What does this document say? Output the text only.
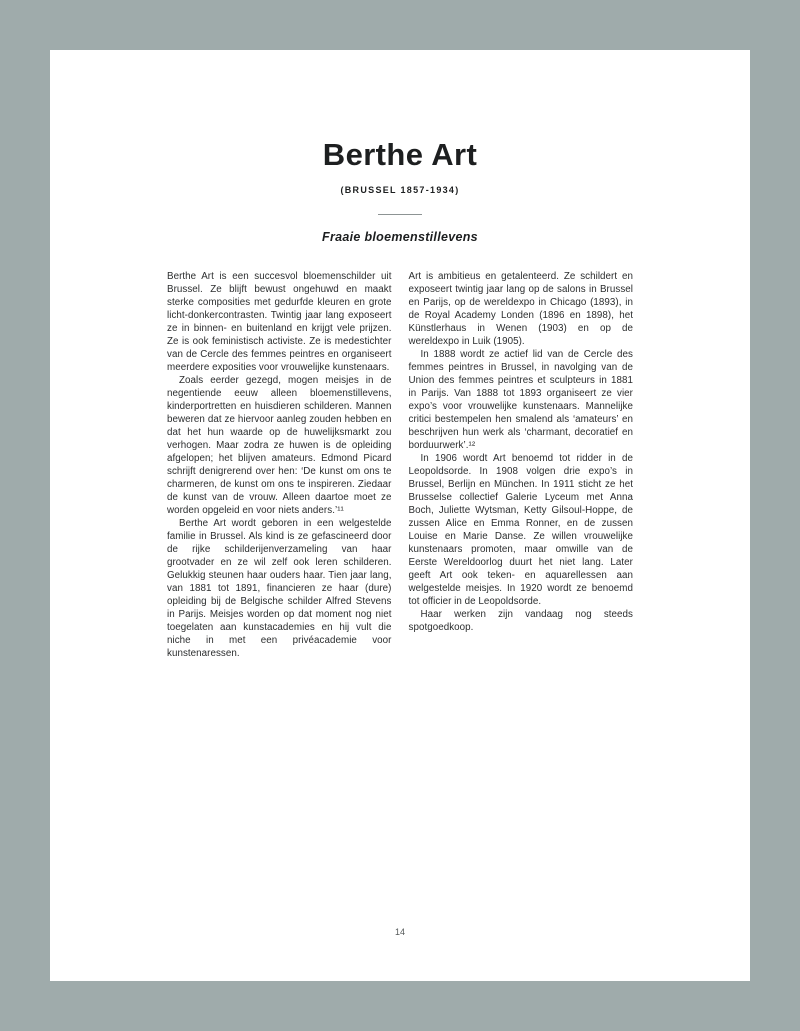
Berthe Art
(BRUSSEL 1857-1934)
Fraaie bloemenstillevens

Berthe Art is een succesvol bloemenschilder uit Brussel. Ze blijft bewust ongehuwd en maakt sterke composities met gedurfde kleuren en grote licht-donkercontrasten. Twintig jaar lang exposeert ze in binnen- en buitenland en krijgt vele prijzen. Ze is ook feministisch activiste. Ze is medestichter van de Cercle des femmes peintres en organiseert meerdere exposities voor vrouwelijke kunstenaars.

Zoals eerder gezegd, mogen meisjes in de negentiende eeuw alleen bloemenstillevens, kinderportretten en huisdieren schilderen. Mannen beweren dat ze hiervoor aanleg zouden hebben en dat het hun waarde op de huwelijksmarkt zou verhogen. Maar zodra ze huwen is de opleiding afgelopen; het blijven amateurs. Edmond Picard schrijft denigrerend over hen: ‘De kunst om ons te charmeren, de kunst om ons te inspireren. Ziedaar de kunst van de vrouw. Alleen daartoe moet ze worden opgeleid en voor niets anders.’¹¹

Berthe Art wordt geboren in een welgestelde familie in Brussel. Als kind is ze gefascineerd door de rijke schilderijenverzameling van haar grootvader en ze wil zelf ook leren schilderen. Gelukkig steunen haar ouders haar. Tien jaar lang, van 1881 tot 1891, financieren ze haar (dure) opleiding bij de Belgische schilder Alfred Stevens in Parijs. Meisjes worden op dat moment nog niet toegelaten aan kunstacademies en hij vult die niche in met een privéacademie voor kunstenaressen.

Art is ambitieus en getalenteerd. Ze schildert en exposeert twintig jaar lang op de salons in Brussel en Parijs, op de wereldexpo in Chicago (1893), in de Royal Academy Londen (1896 en 1898), het Künstlerhaus in Wenen (1903) en op de wereldexpo in Luik (1905).

In 1888 wordt ze actief lid van de Cercle des femmes peintres in Brussel, in navolging van de Union des femmes peintres et sculpteurs in 1881 in Parijs. Van 1888 tot 1893 organiseert ze vier expo’s voor vrouwelijke kunstenaars. Mannelijke critici bestempelen hen smalend als ‘amateurs’ en beschrijven hun werk als ‘charmant, decoratief en borduurwerk’.¹²

In 1906 wordt Art benoemd tot ridder in de Leopoldsorde. In 1908 volgen drie expo’s in Brussel, Berlijn en München. In 1911 sticht ze het Brusselse collectief Galerie Lyceum met Anna Boch, Juliette Wytsman, Ketty Gilsoul-Hoppe, de zussen Alice en Emma Ronner, en de zussen Louise en Marie Danse. Ze willen vrouwelijke kunstenaars promoten, maar omwille van de Eerste Wereldoorlog duurt het niet lang. Later geeft Art ook teken- en aquarellessen aan welgestelde meisjes. In 1920 wordt ze benoemd tot officier in de Leopoldsorde.

Haar werken zijn vandaag nog steeds spotgoedkoop.

14
